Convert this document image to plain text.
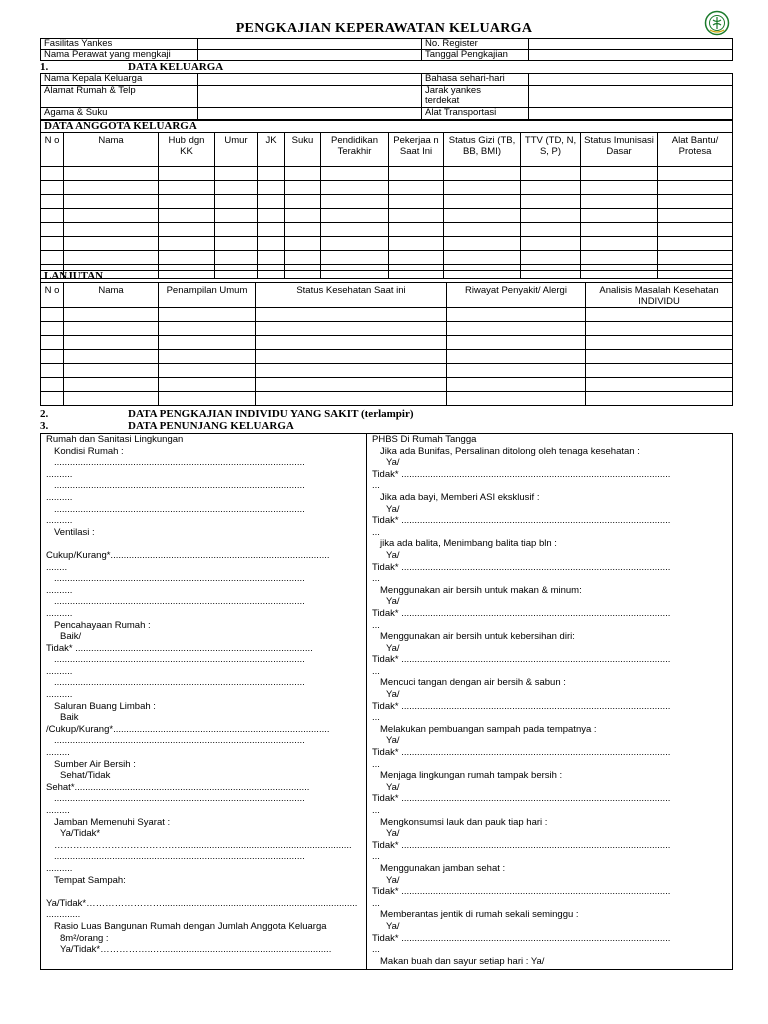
PENGKAJIAN KEPERAWATAN KELUARGA
Fasilitas Yankes		No. Register	
Nama Perawat yang mengkaji		Tanggal Pengkajian	
1.	DATA KELUARGA
Nama Kepala Keluarga		Bahasa sehari-hari	
Alamat Rumah & Telp		Jarak yankes
terdekat	

Agama & Suku		Alat Transportasi	
DATA ANGGOTA KELUARGA											
N o	Nama	Hub dgn KK	Umur	JK	Suku	Pendidikan Terakhir	Pekerjaa n Saat Ini	Status Gizi (TB, BB, BMI)	TTV (TD, N, S, P)	Status Imunisasi Dasar	Alat Bantu/ Protesa

LANJUTAN					
N o	Nama	Penampilan Umum	Status Kesehatan Saat ini	Riwayat Penyakit/ Alergi	Analisis Masalah Kesehatan INDIVIDU

2.	DATA PENGKAJIAN INDIVIDU YANG SAKIT (terlampir)
3.	DATA PENUNJANG KELUARGA
Rumah dan Sanitasi Lingkungan
Kondisi Rumah :
...............................................................................................
..........
...............................................................................................
..........
...............................................................................................
..........
Ventilasi :

Cukup/Kurang*...................................................................................
........
...............................................................................................
..........
...............................................................................................
..........
Pencahayaan Rumah :
Baik/
Tidak* ..........................................................................................
...............................................................................................
..........
...............................................................................................
..........
Saluran Buang Limbah :
Baik
/Cukup/Kurang*..................................................................................
...............................................................................................
.........
Sumber Air Bersih :
Sehat/Tidak
Sehat*.........................................................................................
...............................................................................................
.........
Jamban Memenuhi Syarat :
Ya/Tidak*
…………………………………..................................................................
...............................................................................................
..........
Tempat Sampah:

Ya/Tidak*……………………..........................................................................
.............
Rasio Luas Bangunan Rumah dengan Jumlah Anggota Keluarga
8m²/orang :
Ya/Tidak*……………..…................................................................
PHBS Di Rumah Tangga
Jika ada Bunifas, Persalinan ditolong oleh tenaga kesehatan :
Ya/
Tidak* ......................................................................................................
...
Jika ada bayi, Memberi ASI eksklusif :
Ya/
Tidak* ......................................................................................................
...
jika ada balita, Menimbang balita tiap bln :
Ya/
Tidak* ......................................................................................................
...
Menggunakan air bersih untuk makan & minum:
Ya/
Tidak* ......................................................................................................
...
Menggunakan air bersih untuk kebersihan diri:
Ya/
Tidak* ......................................................................................................
...
Mencuci tangan dengan air bersih & sabun :
Ya/
Tidak* ......................................................................................................
...
Melakukan pembuangan sampah pada tempatnya :
Ya/
Tidak* ......................................................................................................
...
Menjaga lingkungan rumah tampak bersih :
Ya/
Tidak* ......................................................................................................
...
Mengkonsumsi lauk dan pauk tiap hari :
Ya/
Tidak* ......................................................................................................
...
Menggunakan jamban sehat :
Ya/
Tidak* ......................................................................................................
...
Memberantas jentik di rumah sekali seminggu :
Ya/
Tidak* ......................................................................................................
...
Makan buah dan sayur setiap hari : Ya/
